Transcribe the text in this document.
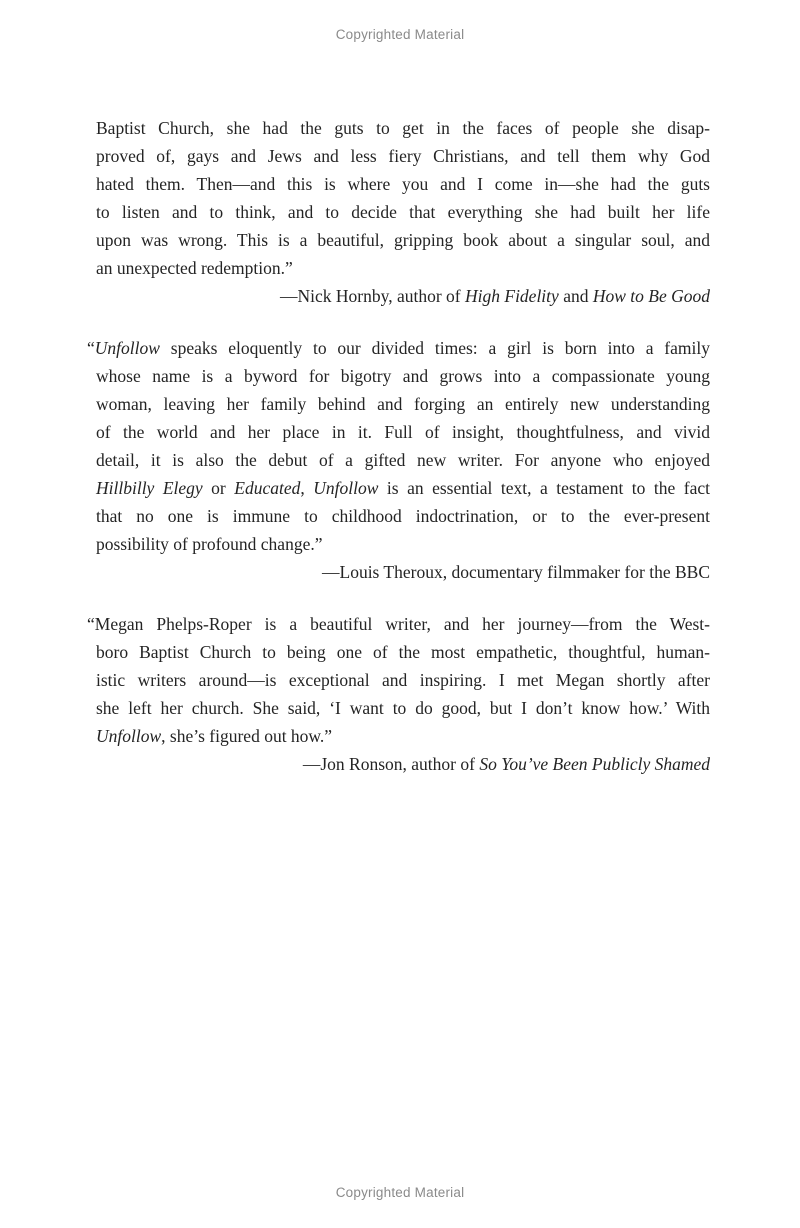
Copyrighted Material
Baptist Church, she had the guts to get in the faces of people she disap-
proved of, gays and Jews and less fiery Christians, and tell them why God
hated them. Then—and this is where you and I come in—she had the guts
to listen and to think, and to decide that everything she had built her life
upon was wrong. This is a beautiful, gripping book about a singular soul, and
an unexpected redemption.”
—Nick Hornby, author of High Fidelity and How to Be Good
“Unfollow speaks eloquently to our divided times: a girl is born into a family
whose name is a byword for bigotry and grows into a compassionate young
woman, leaving her family behind and forging an entirely new understanding
of the world and her place in it. Full of insight, thoughtfulness, and vivid
detail, it is also the debut of a gifted new writer. For anyone who enjoyed
Hillbilly Elegy or Educated, Unfollow is an essential text, a testament to the fact
that no one is immune to childhood indoctrination, or to the ever-present
possibility of profound change.”
—Louis Theroux, documentary filmmaker for the BBC
“Megan Phelps-Roper is a beautiful writer, and her journey—from the West-
boro Baptist Church to being one of the most empathetic, thoughtful, human-
istic writers around—is exceptional and inspiring. I met Megan shortly after
she left her church. She said, ‘I want to do good, but I don’t know how.’ With
Unfollow, she’s figured out how.”
—Jon Ronson, author of So You’ve Been Publicly Shamed
Copyrighted Material
